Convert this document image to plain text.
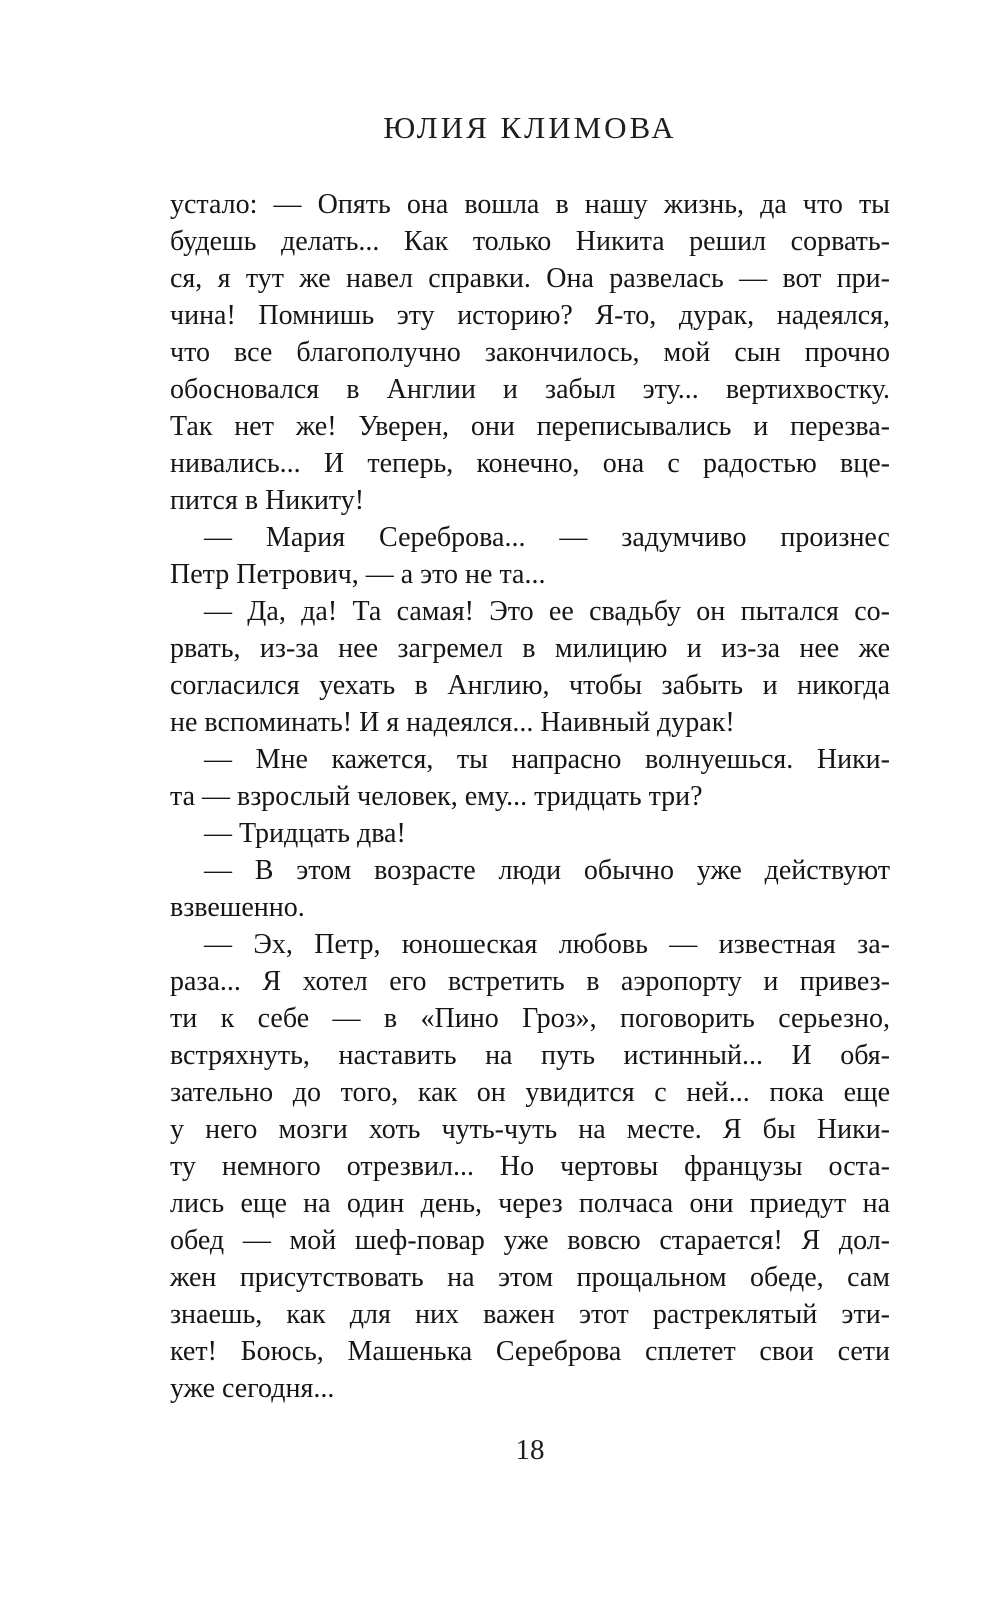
ЮЛИЯ КЛИМОВА
устало: — Опять она вошла в нашу жизнь, да что ты
будешь делать... Как только Никита решил сорвать-
ся, я тут же навел справки. Она развелась — вот при-
чина! Помнишь эту историю? Я-то, дурак, надеялся,
что все благополучно закончилось, мой сын прочно
обосновался в Англии и забыл эту... вертихвостку.
Так нет же! Уверен, они переписывались и перезва-
нивались... И теперь, конечно, она с радостью вце-
пится в Никиту!
— Мария Сереброва... — задумчиво произнес
Петр Петрович, — а это не та...
— Да, да! Та самая! Это ее свадьбу он пытался со-
рвать, из-за нее загремел в милицию и из-за нее же
согласился уехать в Англию, чтобы забыть и никогда
не вспоминать! И я надеялся... Наивный дурак!
— Мне кажется, ты напрасно волнуешься. Ники-
та — взрослый человек, ему... тридцать три?
— Тридцать два!
— В этом возрасте люди обычно уже действуют
взвешенно.
— Эх, Петр, юношеская любовь — известная за-
раза... Я хотел его встретить в аэропорту и привез-
ти к себе — в «Пино Гроз», поговорить серьезно,
встряхнуть, наставить на путь истинный... И обя-
зательно до того, как он увидится с ней... пока еще
у него мозги хоть чуть-чуть на месте. Я бы Ники-
ту немного отрезвил... Но чертовы французы оста-
лись еще на один день, через полчаса они приедут на
обед — мой шеф-повар уже вовсю старается! Я дол-
жен присутствовать на этом прощальном обеде, сам
знаешь, как для них важен этот растреклятый эти-
кет! Боюсь, Машенька Сереброва сплетет свои сети
уже сегодня...
18
